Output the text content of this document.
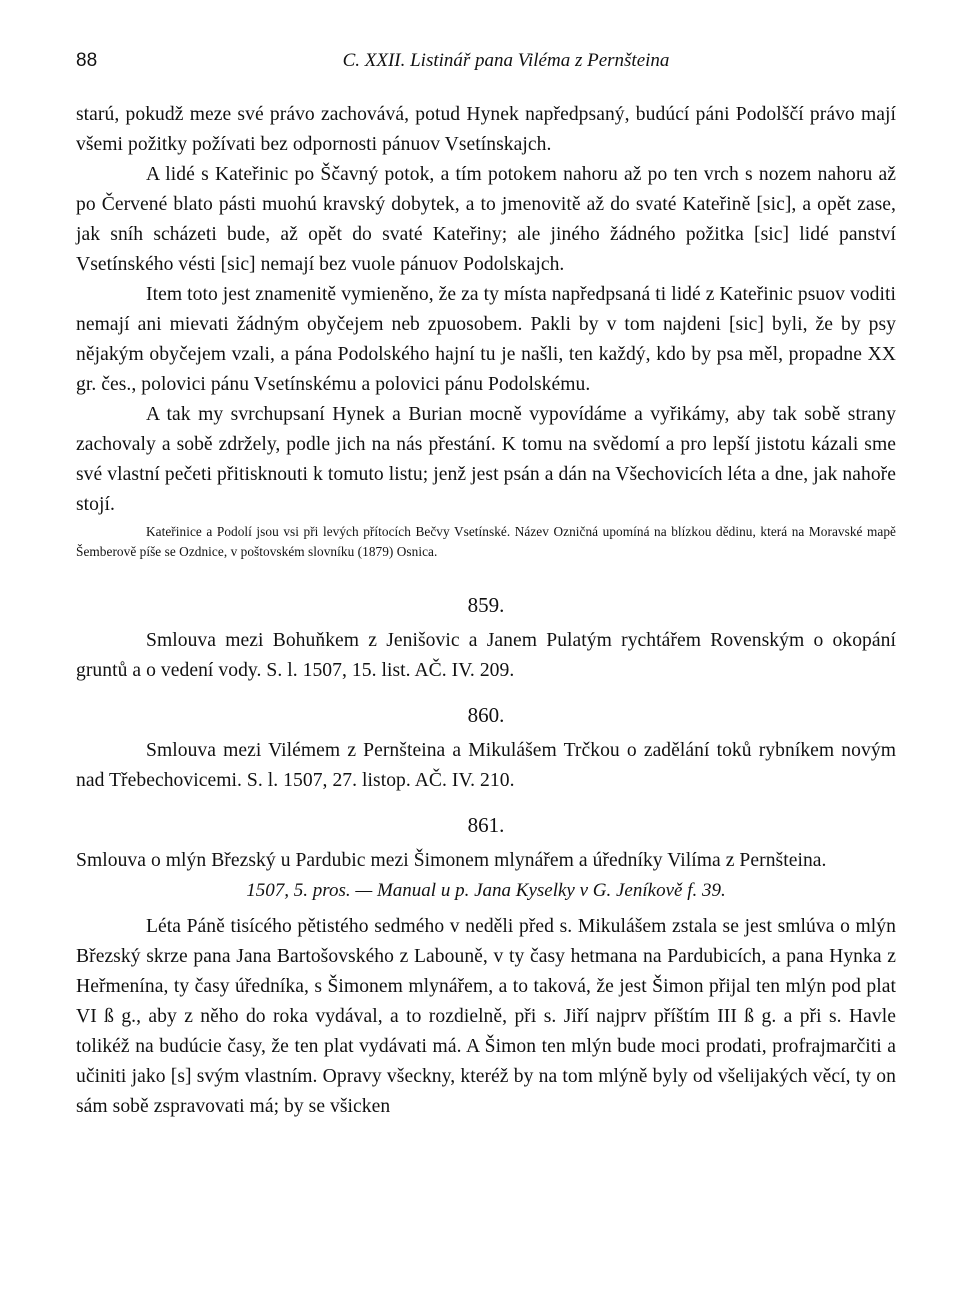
88	C. XXII. Listinář pana Viléma z Pernšteina

starú, pokudž meze své právo zachovává, potud Hynek napředpsaný, budúcí páni Podolščí právo mají všemi požitky požívati bez odpornosti pánuov Vsetínskajch.

A lidé s Kateřinic po Ščavný potok, a tím potokem nahoru až po ten vrch s nozem nahoru až po Červené blato pásti muohú kravský dobytek, a to jmenovitě až do svaté Kateřině [sic], a opět zase, jak sníh scházeti bude, až opět do svaté Kateřiny; ale jiného žádného požitka [sic] lidé panství Vsetínského vésti [sic] nemají bez vuole pánuov Podolskajch.

Item toto jest znamenitě vymieněno, že za ty místa napředpsaná ti lidé z Kateřinic psuov voditi nemají ani mievati žádným obyčejem neb zpuosobem. Pakli by v tom najdeni [sic] byli, že by psy nějakým obyčejem vzali, a pána Podolského hajní tu je našli, ten každý, kdo by psa měl, propadne XX gr. čes., polovici pánu Vsetínskému a polovici pánu Podolskému.

A tak my svrchupsaní Hynek a Burian mocně vypovídáme a vyřikámy, aby tak sobě strany zachovaly a sobě zdržely, podle jich na nás přestání. K tomu na svědomí a pro lepší jistotu kázali sme své vlastní pečeti přitisknouti k tomuto listu; jenž jest psán a dán na Všechovicích léta a dne, jak nahoře stojí.

Kateřinice a Podolí jsou vsi při levých přítocích Bečvy Vsetínské. Název Ozničná upomíná na blízkou dědinu, která na Moravské mapě Šemberově píše se Ozdnice, v poštovském slovníku (1879) Osnica.

859.

Smlouva mezi Bohuňkem z Jenišovic a Janem Pulatým rychtářem Rovenským o okopání gruntů a o vedení vody. S. l. 1507, 15. list. AČ. IV. 209.

860.

Smlouva mezi Vilémem z Pernšteina a Mikulášem Trčkou o zadělání toků rybníkem novým nad Třebechovicemi. S. l. 1507, 27. listop. AČ. IV. 210.

861.

Smlouva o mlýn Březský u Pardubic mezi Šimonem mlynářem a úředníky Vilíma z Pernšteina.

1507, 5. pros. — Manual u p. Jana Kyselky v G. Jeníkově f. 39.

Léta Páně tisícého pětistého sedmého v neděli před s. Mikulášem zstala se jest smlúva o mlýn Březský skrze pana Jana Bartošovského z Labouně, v ty časy hetmana na Pardubicích, a pana Hynka z Heřmenína, ty časy úředníka, s Šimonem mlynářem, a to taková, že jest Šimon přijal ten mlýn pod plat VI ß g., aby z něho do roka vydával, a to rozdielně, při s. Jiří najprv příštím III ß g. a při s. Havle tolikéž na budúcie časy, že ten plat vydávati má. A Šimon ten mlýn bude moci prodati, profrajmarčiti a učiniti jako [s] svým vlastním. Opravy všeckny, kteréž by na tom mlýně byly od všelijakých věcí, ty on sám sobě zspravovati má; by se všicken
